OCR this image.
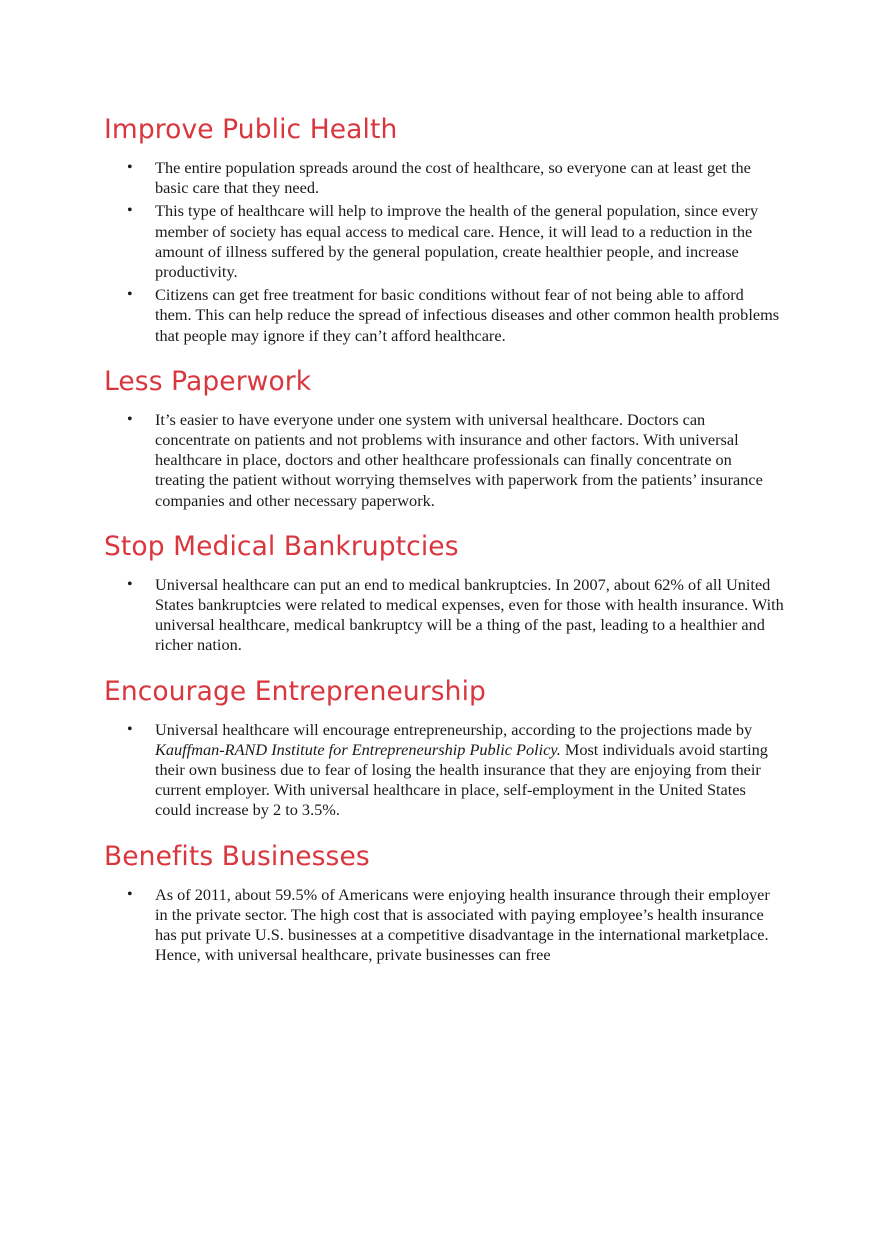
Improve Public Health
• The entire population spreads around the cost of healthcare, so everyone can at least get the basic care that they need.
• This type of healthcare will help to improve the health of the general population, since every member of society has equal access to medical care. Hence, it will lead to a reduction in the amount of illness suffered by the general population, create healthier people, and increase productivity.
• Citizens can get free treatment for basic conditions without fear of not being able to afford them. This can help reduce the spread of infectious diseases and other common health problems that people may ignore if they can’t afford healthcare.
Less Paperwork
• It’s easier to have everyone under one system with universal healthcare. Doctors can concentrate on patients and not problems with insurance and other factors. With universal healthcare in place, doctors and other healthcare professionals can finally concentrate on treating the patient without worrying themselves with paperwork from the patients’ insurance companies and other necessary paperwork.
Stop Medical Bankruptcies
• Universal healthcare can put an end to medical bankruptcies. In 2007, about 62% of all United States bankruptcies were related to medical expenses, even for those with health insurance. With universal healthcare, medical bankruptcy will be a thing of the past, leading to a healthier and richer nation.
Encourage Entrepreneurship
• Universal healthcare will encourage entrepreneurship, according to the projections made by Kauffman-RAND Institute for Entrepreneurship Public Policy. Most individuals avoid starting their own business due to fear of losing the health insurance that they are enjoying from their current employer. With universal healthcare in place, self-employment in the United States could increase by 2 to 3.5%.
Benefits Businesses
• As of 2011, about 59.5% of Americans were enjoying health insurance through their employer in the private sector. The high cost that is associated with paying employee’s health insurance has put private U.S. businesses at a competitive disadvantage in the international marketplace. Hence, with universal healthcare, private businesses can free
